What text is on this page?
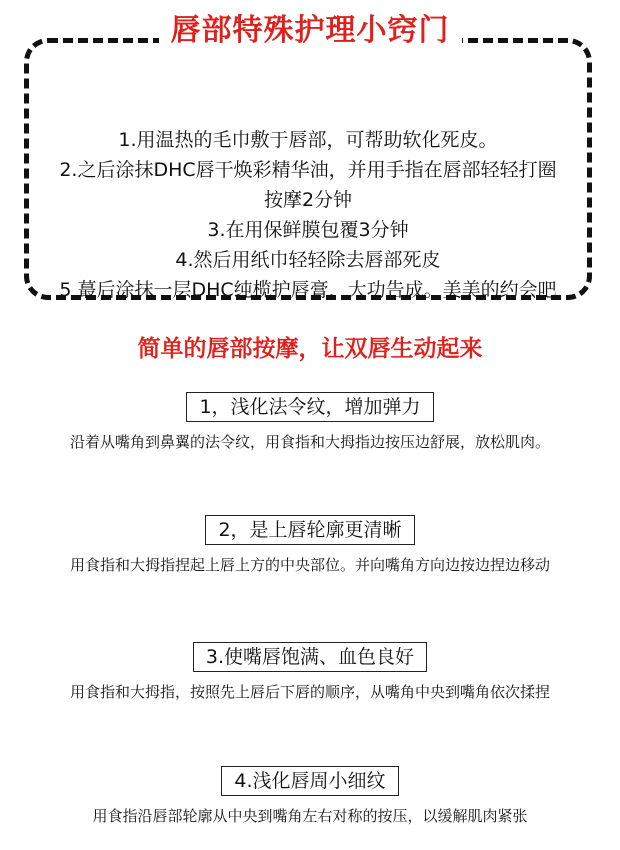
1.用温热的毛巾敷于唇部，可帮助软化死皮。
2.之后涂抹DHC唇干焕彩精华油，并用手指在唇部轻轻打圈按摩2分钟
3.在用保鲜膜包覆3分钟
4.然后用纸巾轻轻除去唇部死皮
5 蕞后涂抹一层DHC纯榄护唇膏，大功告成。美美的约会吧
唇部特殊护理小窍门
简单的唇部按摩，让双唇生动起来
1，浅化法令纹，增加弹力

沿着从嘴角到鼻翼的法令纹，用食指和大拇指边按压边舒展，放松肌肉。

2，是上唇轮廓更清晰

用食指和大拇指捏起上唇上方的中央部位。并向嘴角方向边按边捏边移动

3.使嘴唇饱满、血色良好

用食指和大拇指，按照先上唇后下唇的顺序，从嘴角中央到嘴角依次揉捏

4.浅化唇周小细纹

用食指沿唇部轮廓从中央到嘴角左右对称的按压，以缓解肌肉紧张
